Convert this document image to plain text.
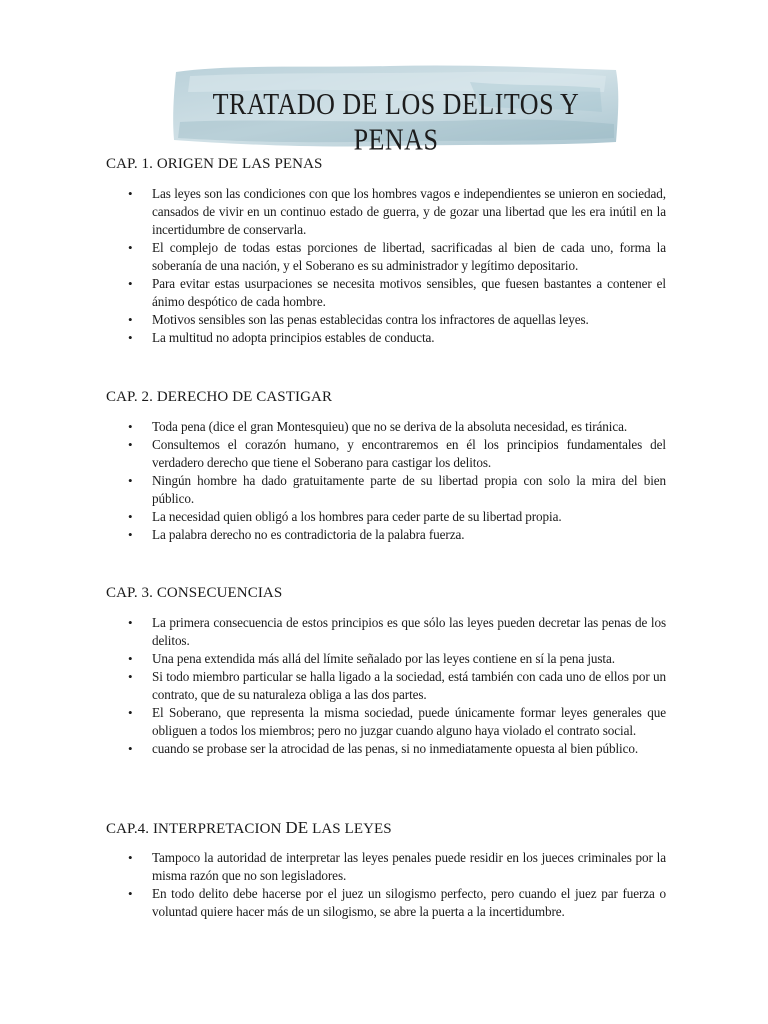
TRATADO DE LOS DELITOS Y PENAS
CAP. 1. ORIGEN DE LAS PENAS
• Las leyes son las condiciones con que los hombres vagos e independientes se unieron en sociedad, cansados de vivir en un continuo estado de guerra, y de gozar una libertad que les era inútil en la incertidumbre de conservarla.
• El complejo de todas estas porciones de libertad, sacrificadas al bien de cada uno, forma la soberanía de una nación, y el Soberano es su administrador y legítimo depositario.
• Para evitar estas usurpaciones se necesita motivos sensibles, que fuesen bastantes a contener el ánimo despótico de cada hombre.
• Motivos sensibles son las penas establecidas contra los infractores de aquellas leyes.
• La multitud no adopta principios estables de conducta.
CAP. 2. DERECHO DE CASTIGAR
• Toda pena (dice el gran Montesquieu) que no se deriva de la absoluta necesidad, es tiránica.
• Consultemos el corazón humano, y encontraremos en él los principios fundamentales del verdadero derecho que tiene el Soberano para castigar los delitos.
• Ningún hombre ha dado gratuitamente parte de su libertad propia con solo la mira del bien público.
• La necesidad quien obligó a los hombres para ceder parte de su libertad propia.
• La palabra derecho no es contradictoria de la palabra fuerza.
CAP. 3. CONSECUENCIAS
• La primera consecuencia de estos principios es que sólo las leyes pueden decretar las penas de los delitos.
• Una pena extendida más allá del límite señalado por las leyes contiene en sí la pena justa.
• Si todo miembro particular se halla ligado a la sociedad, está también con cada uno de ellos por un contrato, que de su naturaleza obliga a las dos partes.
• El Soberano, que representa la misma sociedad, puede únicamente formar leyes generales que obliguen a todos los miembros; pero no juzgar cuando alguno haya violado el contrato social.
• cuando se probase ser la atrocidad de las penas, si no inmediatamente opuesta al bien público.
CAP.4. INTERPRETACION DE LAS LEYES
• Tampoco la autoridad de interpretar las leyes penales puede residir en los jueces criminales por la misma razón que no son legisladores.
• En todo delito debe hacerse por el juez un silogismo perfecto, pero cuando el juez par fuerza o voluntad quiere hacer más de un silogismo, se abre la puerta a la incertidumbre.
